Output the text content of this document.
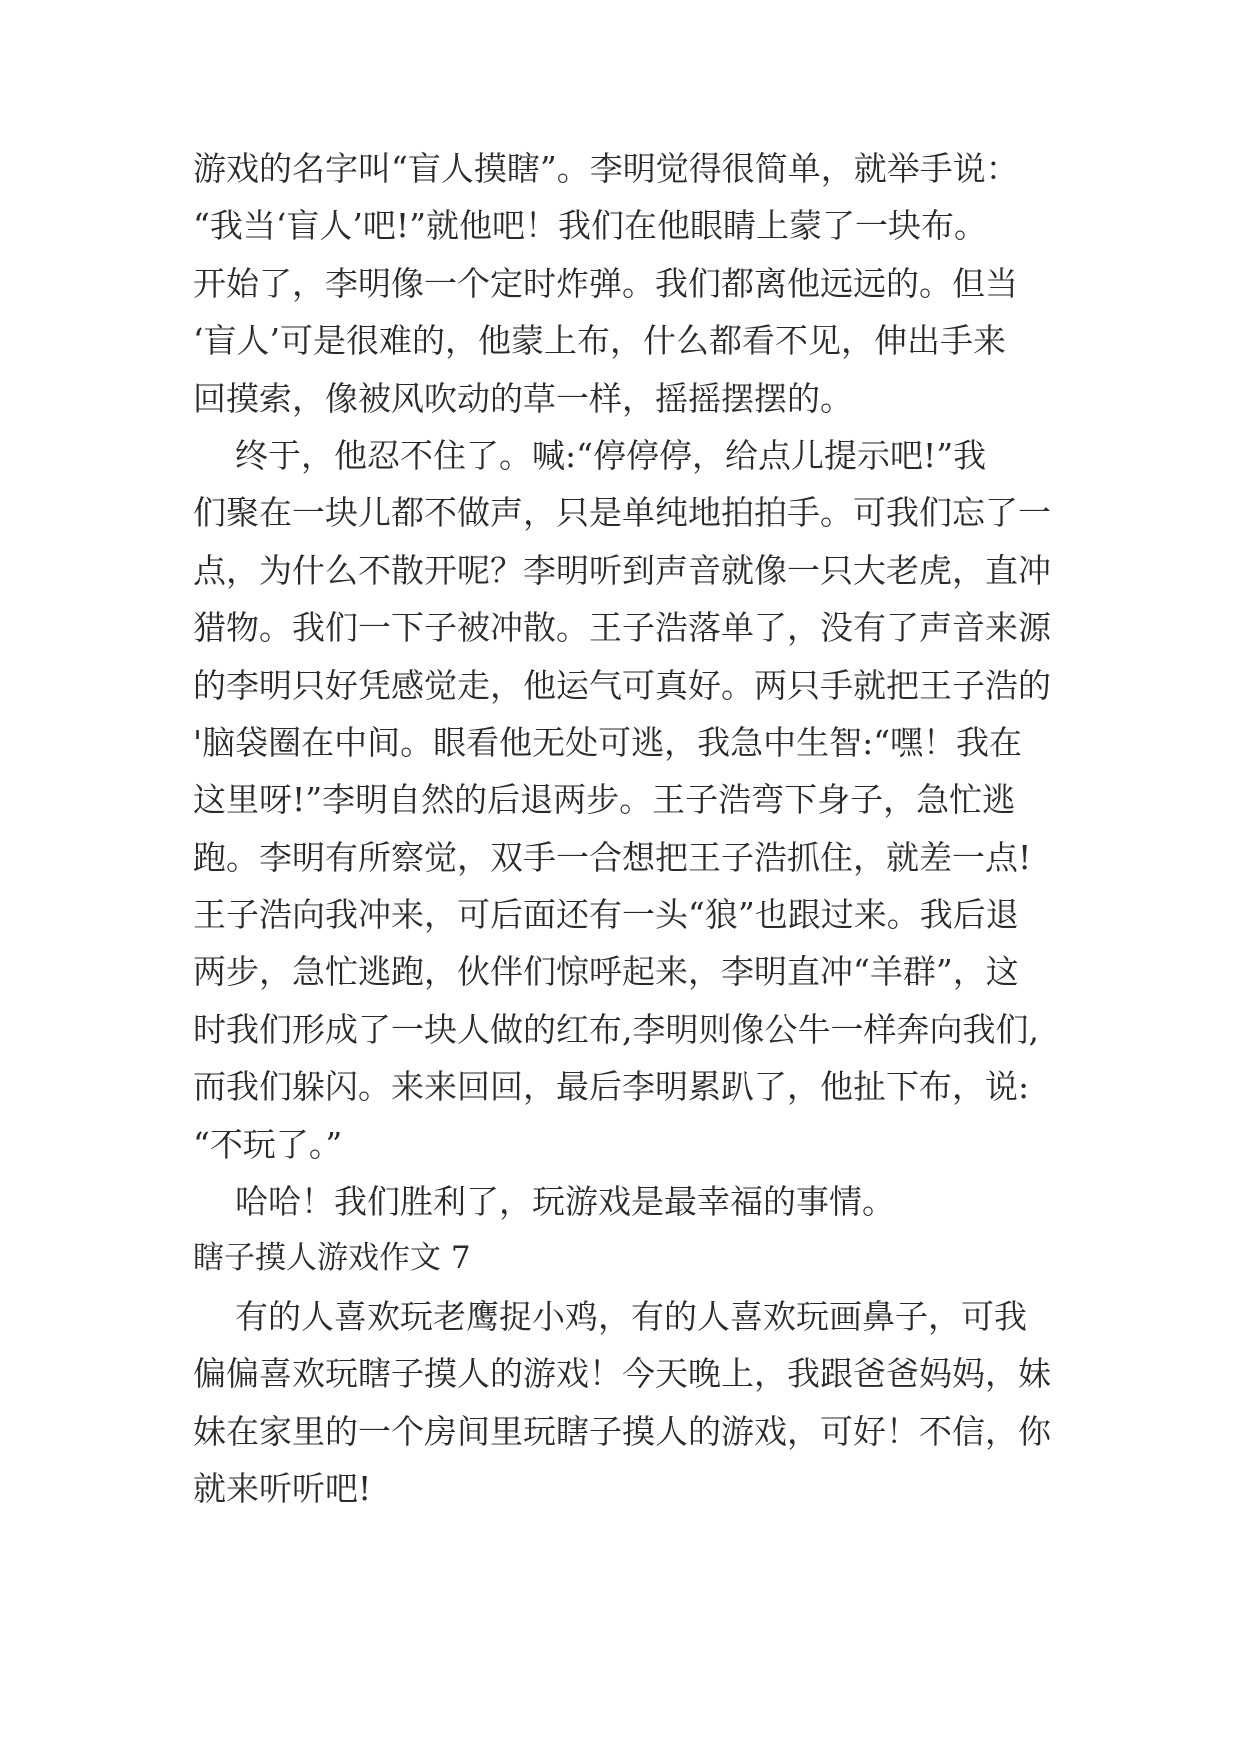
游戏的名字叫“盲人摸瞎”。李明觉得很简单，就举手说：
“我当‘盲人’吧!”就他吧！我们在他眼睛上蒙了一块布。
开始了，李明像一个定时炸弹。我们都离他远远的。但当
‘盲人’可是很难的，他蒙上布，什么都看不见，伸出手来
回摸索，像被风吹动的草一样，摇摇摆摆的。
终于，他忍不住了。喊:“停停停，给点儿提示吧!”我
们聚在一块儿都不做声，只是单纯地拍拍手。可我们忘了一
点，为什么不散开呢？李明听到声音就像一只大老虎，直冲
猎物。我们一下子被冲散。王子浩落单了，没有了声音来源
的李明只好凭感觉走，他运气可真好。两只手就把王子浩的
'脑袋圈在中间。眼看他无处可逃，我急中生智:“嘿！我在
这里呀!”李明自然的后退两步。王子浩弯下身子，急忙逃
跑。李明有所察觉，双手一合想把王子浩抓住，就差一点!
王子浩向我冲来，可后面还有一头“狼”也跟过来。我后退
两步，急忙逃跑，伙伴们惊呼起来，李明直冲“羊群”，这
时我们形成了一块人做的红布,李明则像公牛一样奔向我们,
而我们躲闪。来来回回，最后李明累趴了，他扯下布，说:
“不玩了。”
哈哈！我们胜利了，玩游戏是最幸福的事情。
瞎子摸人游戏作文 7
有的人喜欢玩老鹰捉小鸡，有的人喜欢玩画鼻子，可我
偏偏喜欢玩瞎子摸人的游戏！今天晚上，我跟爸爸妈妈，妹
妹在家里的一个房间里玩瞎子摸人的游戏，可好！不信，你
就来听听吧!
